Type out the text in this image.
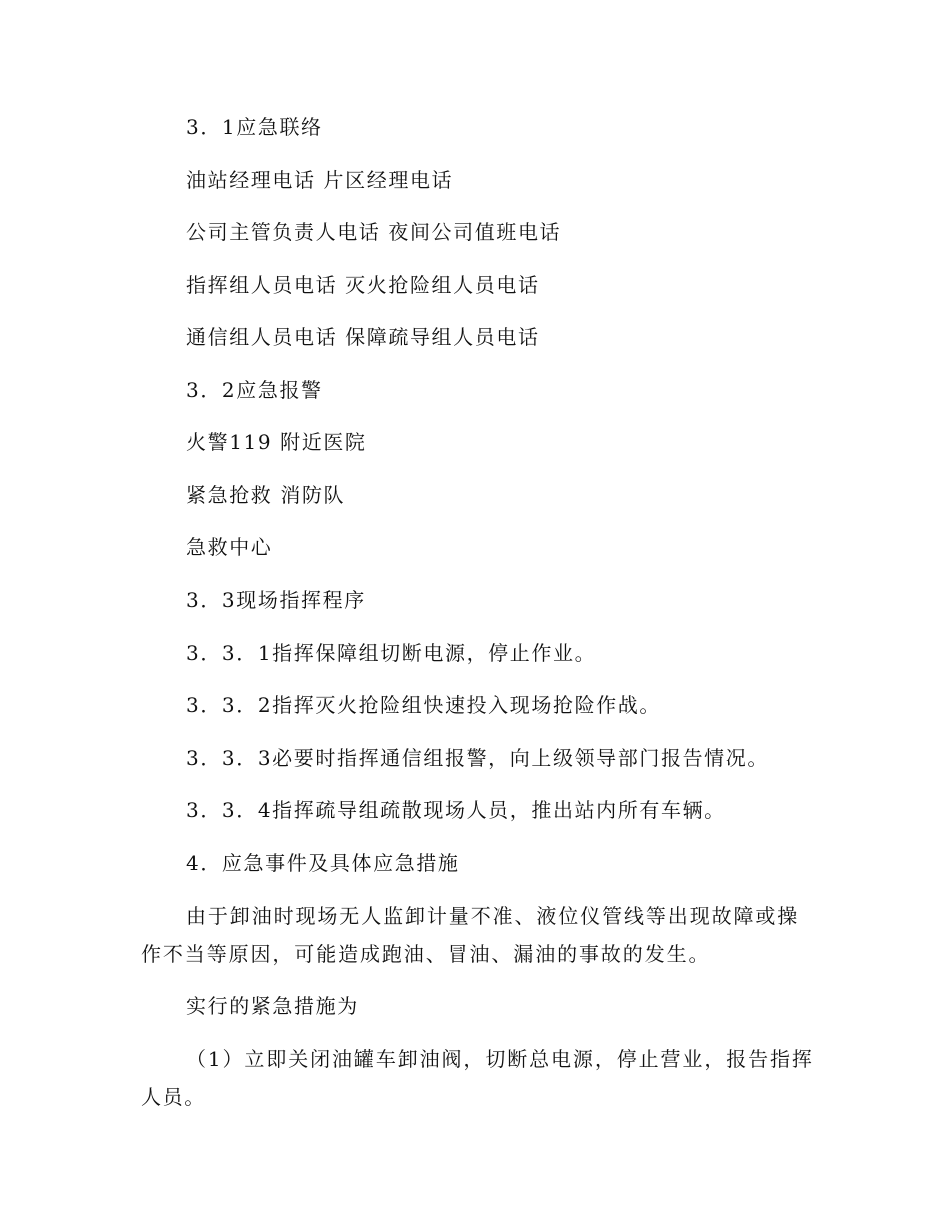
3．1应急联络
油站经理电话 片区经理电话
公司主管负责人电话 夜间公司值班电话
指挥组人员电话 灭火抢险组人员电话
通信组人员电话 保障疏导组人员电话
3．2应急报警
火警119 附近医院
紧急抢救 消防队
急救中心
3．3现场指挥程序
3．3．1指挥保障组切断电源，停止作业。
3．3．2指挥灭火抢险组快速投入现场抢险作战。
3．3．3必要时指挥通信组报警，向上级领导部门报告情况。
3．3．4指挥疏导组疏散现场人员，推出站内所有车辆。
4．应急事件及具体应急措施
由于卸油时现场无人监卸计量不准、液位仪管线等出现故障或操
作不当等原因，可能造成跑油、冒油、漏油的事故的发生。
实行的紧急措施为
（1）立即关闭油罐车卸油阀，切断总电源，停止营业，报告指挥
人员。
